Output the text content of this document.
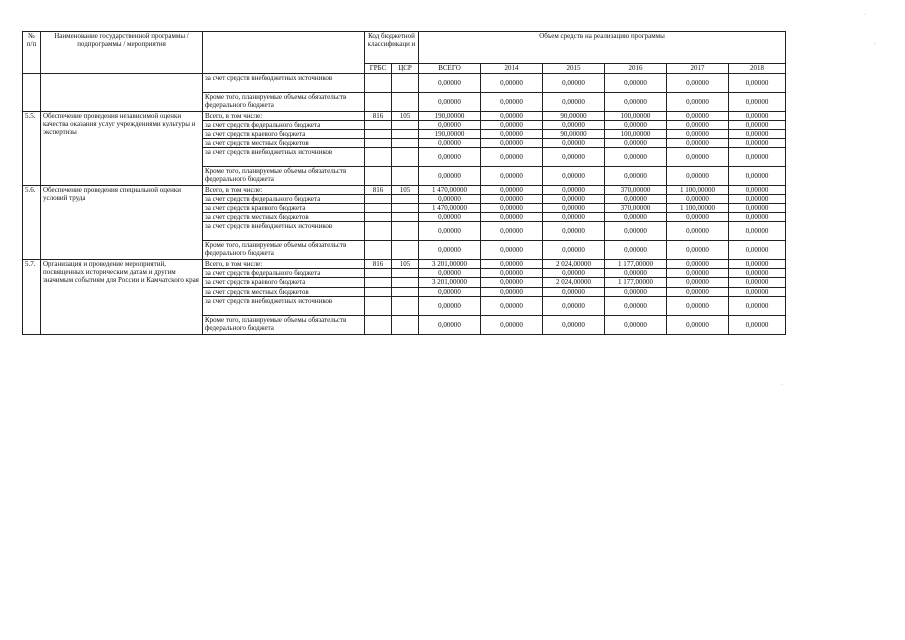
№ п/п	Наименование государственной программы / подпрограммы / мероприятия		Код бюджетной классификаци и		Объем средств на реализацию программы					
			ГРБС	ЦСР	ВСЕГО	2014	2015	2016	2017	2018
		за счет средств внебюджетных источников			0,00000	0,00000	0,00000	0,00000	0,00000	0,00000
		Кроме того, планируемые объемы обязательств федерального бюджета			0,00000	0,00000	0,00000	0,00000	0,00000	0,00000
5.5.	Обеспечение проведения независимой оценки качества оказания услуг учреждениями культуры и экспертизы	Всего, в том числе:	816	105	190,00000	0,00000	90,00000	100,00000	0,00000	0,00000
		за счет средств федерального бюджета			0,00000	0,00000	0,00000	0,00000	0,00000	0,00000
		за счет средств краевого бюджета			190,00000	0,00000	90,00000	100,00000	0,00000	0,00000
		за счет средств местных бюджетов			0,00000	0,00000	0,00000	0,00000	0,00000	0,00000
		за счет средств внебюджетных источников			0,00000	0,00000	0,00000	0,00000	0,00000	0,00000
		Кроме того, планируемые объемы обязательств федерального бюджета			0,00000	0,00000	0,00000	0,00000	0,00000	0,00000
5.6.	Обеспечение проведения специальной оценки условий труда	Всего, в том числе:	816	105	1 470,00000	0,00000	0,00000	370,00000	1 100,00000	0,00000
		за счет средств федерального бюджета			0,00000	0,00000	0,00000	0,00000	0,00000	0,00000
		за счет средств краевого бюджета			1 470,00000	0,00000	0,00000	370,00000	1 100,00000	0,00000
		за счет средств местных бюджетов			0,00000	0,00000	0,00000	0,00000	0,00000	0,00000
		за счет средств внебюджетных источников			0,00000	0,00000	0,00000	0,00000	0,00000	0,00000
		Кроме того, планируемые объемы обязательств федерального бюджета			0,00000	0,00000	0,00000	0,00000	0,00000	0,00000
5.7.	Организация и проведение мероприятий, посвященных историческим датам и другим значимым событиям для России и Камчатского края	Всего, в том числе:	816	105	3 201,00000	0,00000	2 024,00000	1 177,00000	0,00000	0,00000
		за счет средств федерального бюджета			0,00000	0,00000	0,00000	0,00000	0,00000	0,00000
		за счет средств краевого бюджета			3 201,00000	0,00000	2 024,00000	1 177,00000	0,00000	0,00000
		за счет средств местных бюджетов			0,00000	0,00000	0,00000	0,00000	0,00000	0,00000
		за счет средств внебюджетных источников			0,00000	0,00000	0,00000	0,00000	0,00000	0,00000
		Кроме того, планируемые объемы обязательств федерального бюджета			0,00000	0,00000	0,00000	0,00000	0,00000	0,00000
·
·
·
